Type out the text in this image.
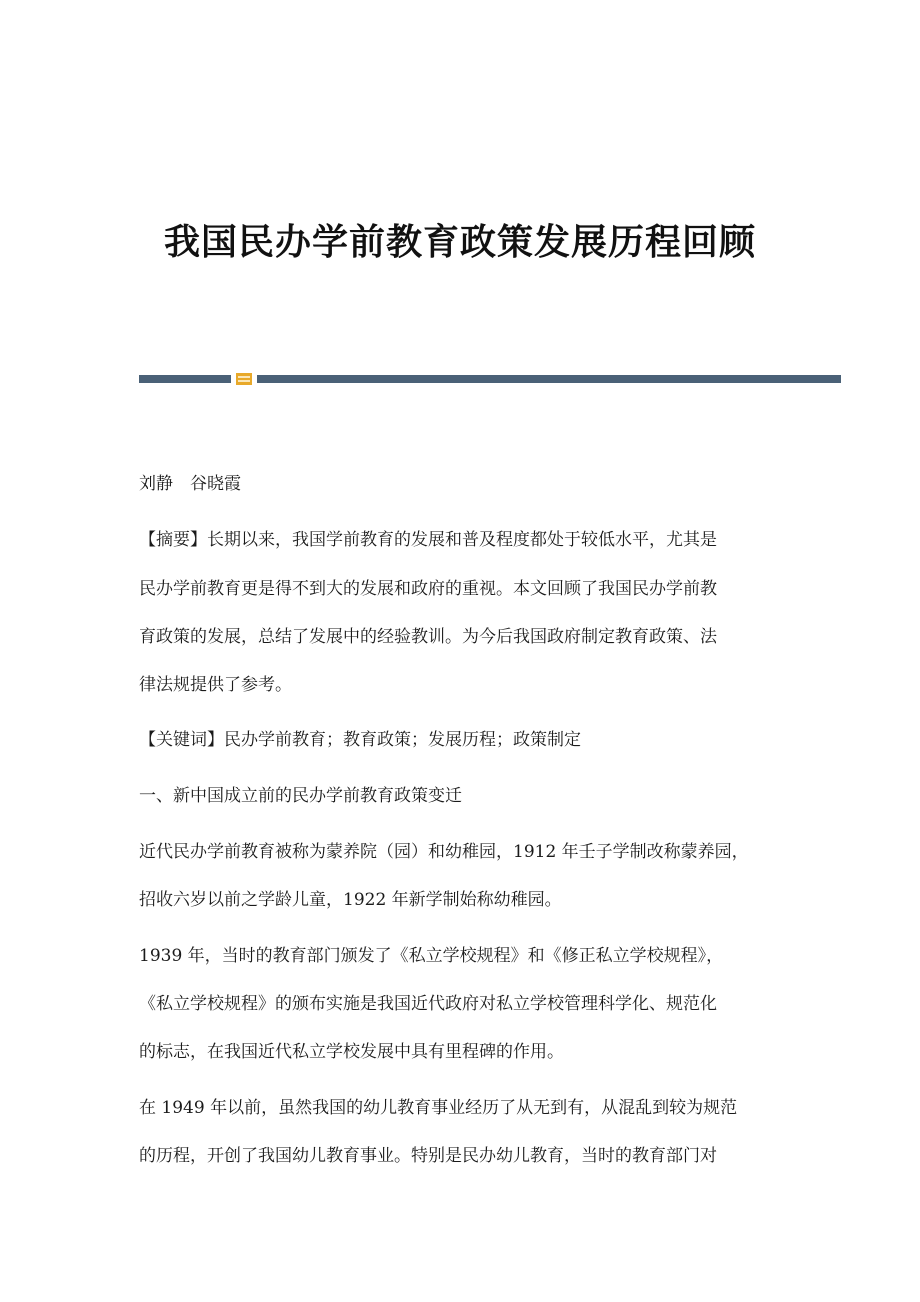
我国民办学前教育政策发展历程回顾
刘静　谷晓霞
【摘要】长期以来，我国学前教育的发展和普及程度都处于较低水平，尤其是
民办学前教育更是得不到大的发展和政府的重视。本文回顾了我国民办学前教
育政策的发展，总结了发展中的经验教训。为今后我国政府制定教育政策、法
律法规提供了参考。
【关键词】民办学前教育；教育政策；发展历程；政策制定
一、新中国成立前的民办学前教育政策变迁
近代民办学前教育被称为蒙养院（园）和幼稚园，1912 年壬子学制改称蒙养园，
招收六岁以前之学龄儿童，1922 年新学制始称幼稚园。
1939 年，当时的教育部门颁发了《私立学校规程》和《修正私立学校规程》，
《私立学校规程》的颁布实施是我国近代政府对私立学校管理科学化、规范化
的标志，在我国近代私立学校发展中具有里程碑的作用。
在 1949 年以前，虽然我国的幼儿教育事业经历了从无到有，从混乱到较为规范
的历程，开创了我国幼儿教育事业。特别是民办幼儿教育，当时的教育部门对
